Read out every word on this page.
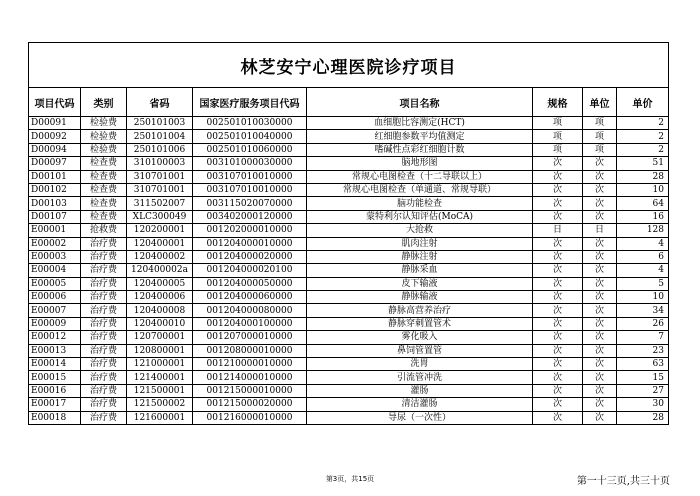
林芝安宁心理医院诊疗项目							
项目代码	类别	省码	国家医疗服务项目代码	项目名称	规格	单位	单价
D00091	检验费	250101003	002501010030000	血细胞比容测定(HCT)	项	项	2
D00092	检验费	250101004	002501010040000	红细胞参数平均值测定	项	项	2
D00094	检验费	250101006	002501010060000	嗜碱性点彩红细胞计数	项	项	2
D00097	检查费	310100003	003101000030000	脑地形图	次	次	51
D00101	检查费	310701001	003107010010000	常规心电图检查（十二导联以上）	次	次	28
D00102	检查费	310701001	003107010010000	常规心电图检查（单通道、常规导联）	次	次	10
D00103	检查费	311502007	003115020070000	脑功能检查	次	次	64
D00107	检查费	XLC300049	003402000120000	蒙特利尔认知评估(MoCA)	次	次	16
E00001	抢救费	120200001	001202000010000	大抢救	日	日	128
E00002	治疗费	120400001	001204000010000	肌肉注射	次	次	4
E00003	治疗费	120400002	001204000020000	静脉注射	次	次	6
E00004	治疗费	120400002a	001204000020100	静脉采血	次	次	4
E00005	治疗费	120400005	001204000050000	皮下输液	次	次	5
E00006	治疗费	120400006	001204000060000	静脉输液	次	次	10
E00007	治疗费	120400008	001204000080000	静脉高营养治疗	次	次	34
E00009	治疗费	120400010	001204000100000	静脉穿刺置管术	次	次	26
E00012	治疗费	120700001	001207000010000	雾化吸入	次	次	7
E00013	治疗费	120800001	001208000010000	鼻饲管置管	次	次	23
E00014	治疗费	121000001	001210000010000	洗胃	次	次	63
E00015	治疗费	121400001	001214000010000	引流管冲洗	次	次	15
E00016	治疗费	121500001	001215000010000	灌肠	次	次	27
E00017	治疗费	121500002	001215000020000	清洁灌肠	次	次	30
E00018	治疗费	121600001	001216000010000	导尿（一次性）	次	次	28
第3页，共15页	第一十三页,共三十页
